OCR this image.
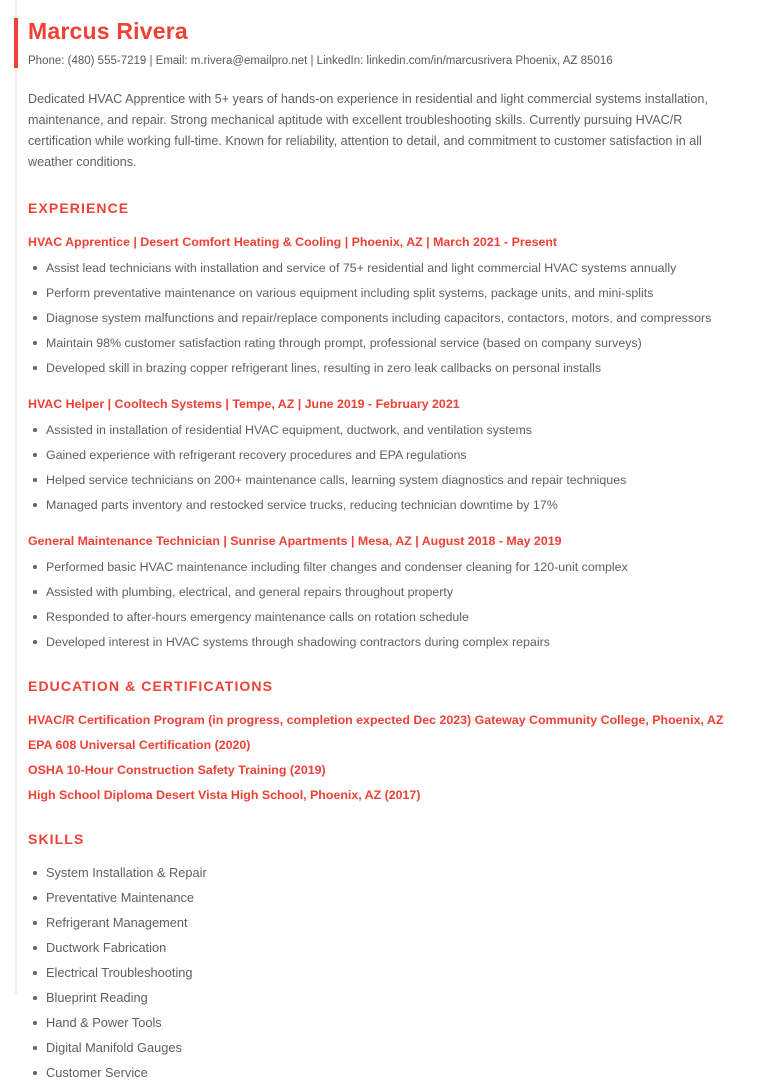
Marcus Rivera

Phone: (480) 555-7219 | Email: m.rivera@emailpro.net | LinkedIn: linkedin.com/in/marcusrivera Phoenix, AZ 85016

Dedicated HVAC Apprentice with 5+ years of hands-on experience in residential and light commercial systems installation, maintenance, and repair. Strong mechanical aptitude with excellent troubleshooting skills. Currently pursuing HVAC/R certification while working full-time. Known for reliability, attention to detail, and commitment to customer satisfaction in all weather conditions.

EXPERIENCE
HVAC Apprentice | Desert Comfort Heating & Cooling | Phoenix, AZ | March 2021 - Present
Assist lead technicians with installation and service of 75+ residential and light commercial HVAC systems annually
Perform preventative maintenance on various equipment including split systems, package units, and mini-splits
Diagnose system malfunctions and repair/replace components including capacitors, contactors, motors, and compressors
Maintain 98% customer satisfaction rating through prompt, professional service (based on company surveys)
Developed skill in brazing copper refrigerant lines, resulting in zero leak callbacks on personal installs
HVAC Helper | Cooltech Systems | Tempe, AZ | June 2019 - February 2021
Assisted in installation of residential HVAC equipment, ductwork, and ventilation systems
Gained experience with refrigerant recovery procedures and EPA regulations
Helped service technicians on 200+ maintenance calls, learning system diagnostics and repair techniques
Managed parts inventory and restocked service trucks, reducing technician downtime by 17%
General Maintenance Technician | Sunrise Apartments | Mesa, AZ | August 2018 - May 2019
Performed basic HVAC maintenance including filter changes and condenser cleaning for 120-unit complex
Assisted with plumbing, electrical, and general repairs throughout property
Responded to after-hours emergency maintenance calls on rotation schedule
Developed interest in HVAC systems through shadowing contractors during complex repairs
EDUCATION & CERTIFICATIONS
HVAC/R Certification Program (in progress, completion expected Dec 2023) Gateway Community College, Phoenix, AZ
EPA 608 Universal Certification (2020)
OSHA 10-Hour Construction Safety Training (2019)
High School Diploma Desert Vista High School, Phoenix, AZ (2017)
SKILLS
System Installation & Repair
Preventative Maintenance
Refrigerant Management
Ductwork Fabrication
Electrical Troubleshooting
Blueprint Reading
Hand & Power Tools
Digital Manifold Gauges
Customer Service
